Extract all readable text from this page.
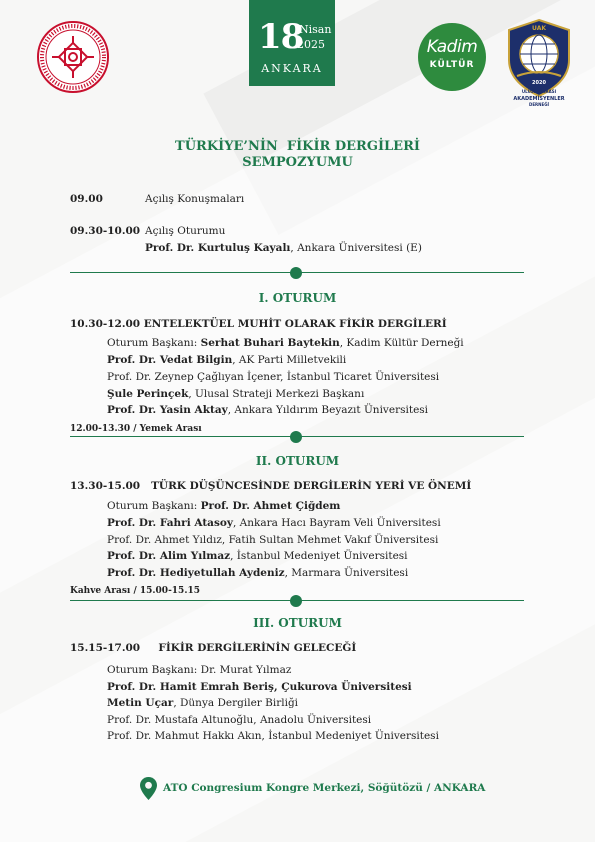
18
Nisan
2025
ANKARA
Kadim
KÜLTÜR
UAK
2020
ULUSLARARASI
AKADEMİSYENLER
DERNEĞİ
TÜRKİYE’NİN  FİKİR DERGİLERİ
SEMPOZYUMU
09.00	Açılış Konuşmaları
09.30-10.00 Açılış Oturumu
Prof. Dr. Kurtuluş Kayalı, Ankara Üniversitesi (E)
I. OTURUM
10.30-12.00 ENTELEKTÜEL MUHİT OLARAK FİKİR DERGİLERİ
Oturum Başkanı: Serhat Buhari Baytekin, Kadim Kültür Derneği
Prof. Dr. Vedat Bilgin, AK Parti Milletvekili
Prof. Dr. Zeynep Çağlıyan İçener, İstanbul Ticaret Üniversitesi
Şule Perinçek, Ulusal Strateji Merkezi Başkanı
Prof. Dr. Yasin Aktay, Ankara Yıldırım Beyazıt Üniversitesi
12.00-13.30 / Yemek Arası
II. OTURUM
13.30-15.00 TÜRK DÜŞÜNCESİNDE DERGİLERİN YERİ VE ÖNEMİ
Oturum Başkanı: Prof. Dr. Ahmet Çiğdem
Prof. Dr. Fahri Atasoy, Ankara Hacı Bayram Veli Üniversitesi
Prof. Dr. Ahmet Yıldız, Fatih Sultan Mehmet Vakıf Üniversitesi
Prof. Dr. Alim Yılmaz, İstanbul Medeniyet Üniversitesi
Prof. Dr. Hediyetullah Aydeniz, Marmara Üniversitesi
Kahve Arası / 15.00-15.15
III. OTURUM
15.15-17.00 FİKİR DERGİLERİNİN GELECEĞİ
Oturum Başkanı: Dr. Murat Yılmaz
Prof. Dr. Hamit Emrah Beriş, Çukurova Üniversitesi
Metin Uçar, Dünya Dergiler Birliği
Prof. Dr. Mustafa Altunoğlu, Anadolu Üniversitesi
Prof. Dr. Mahmut Hakkı Akın, İstanbul Medeniyet Üniversitesi
ATO Congresium Kongre Merkezi, Söğütözü / ANKARA
